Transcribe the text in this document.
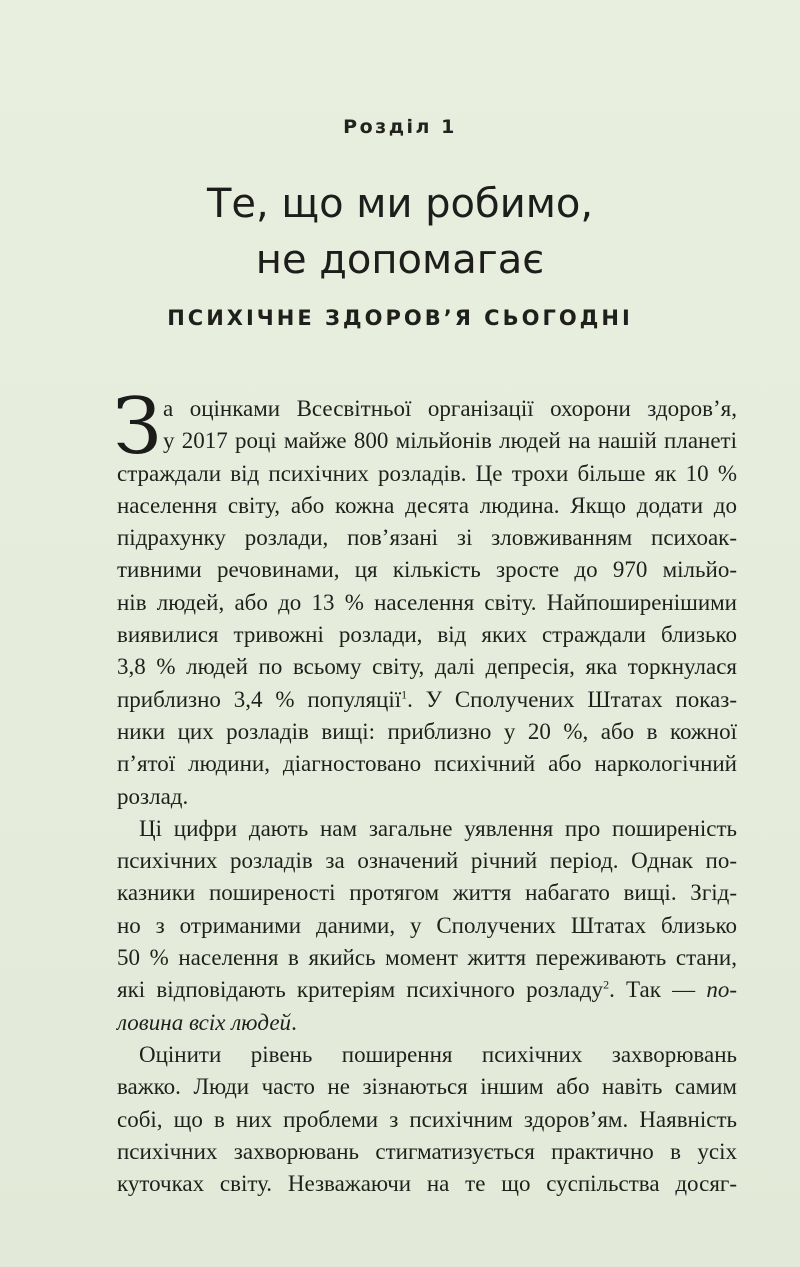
Розділ 1
Те, що ми робимо,
не допомагає
ПСИХІЧНЕ ЗДОРОВ’Я СЬОГОДНІ
З а оцінками Всесвітньої організації охорони здоров’я,
у 2017 році майже 800 мільйонів людей на нашій планеті
страждали від психічних розладів. Це трохи більше як 10 %
населення світу, або кожна десята людина. Якщо додати до
підрахунку розлади, пов’язані зі зловживанням психоак-
тивними речовинами, ця кількість зросте до 970 мільйо-
нів людей, або до 13 % населення світу. Найпоширенішими
виявилися тривожні розлади, від яких страждали близько
3,8 % людей по всьому світу, далі депресія, яка торкнулася
приблизно 3,4 % популяції$^1$. У Сполучених Штатах показ-
ники цих розладів вищі: приблизно у 20 %, або в кожної
п’ятої людини, діагностовано психічний або наркологічний
розлад.
Ці цифри дають нам загальне уявлення про поширеність
психічних розладів за означений річний період. Однак по-
казники поширеності протягом життя набагато вищі. Згід-
но з отриманими даними, у Сполучених Штатах близько
50 % населення в якийсь момент життя переживають стани,
які відповідають критеріям психічного розладу$^2$. Так — по-
ловина всіх людей.
Оцінити рівень поширення психічних захворювань
важко. Люди часто не зізнаються іншим або навіть самим
собі, що в них проблеми з психічним здоров’ям. Наявність
психічних захворювань стигматизується практично в усіх
куточках світу. Незважаючи на те що суспільства досяг-
